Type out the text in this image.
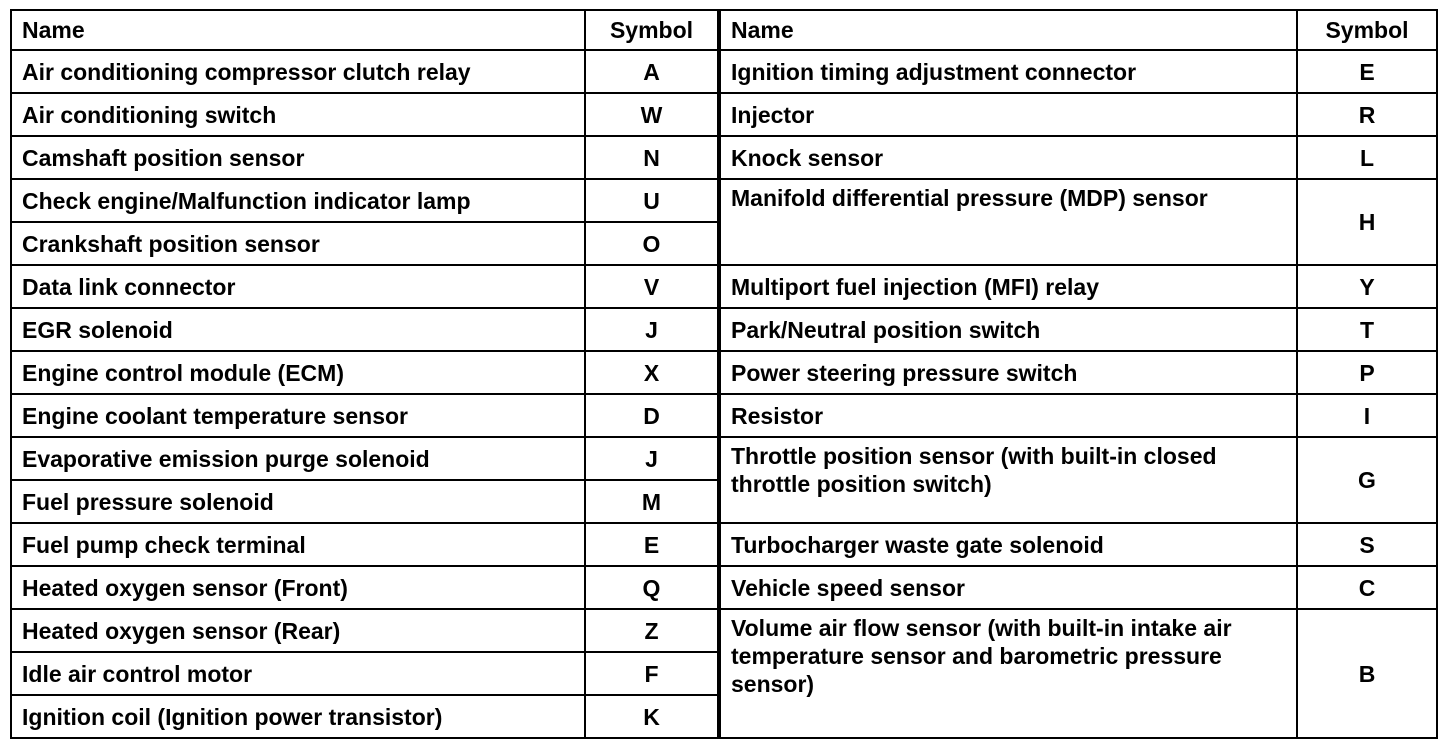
Name	Symbol	Name	Symbol
Air conditioning compressor clutch relay	A	Ignition timing adjustment connector	E
Air conditioning switch	W	Injector	R
Camshaft position sensor	N	Knock sensor	L
Check engine/Malfunction indicator lamp	U	Manifold differential pressure (MDP) sensor	H
Crankshaft position sensor	O		
Data link connector	V	Multiport fuel injection (MFI) relay	Y
EGR solenoid	J	Park/Neutral position switch	T
Engine control module (ECM)	X	Power steering pressure switch	P
Engine coolant temperature sensor	D	Resistor	I
Evaporative emission purge solenoid	J	Throttle position sensor (with built-in closed throttle position switch)	G
Fuel pressure solenoid	M		
Fuel pump check terminal	E	Turbocharger waste gate solenoid	S
Heated oxygen sensor (Front)	Q	Vehicle speed sensor	C
Heated oxygen sensor (Rear)	Z	Volume air flow sensor (with built-in intake air temperature sensor and barometric pressure sensor)	B
Idle air control motor	F		
Ignition coil (Ignition power transistor)	K		
